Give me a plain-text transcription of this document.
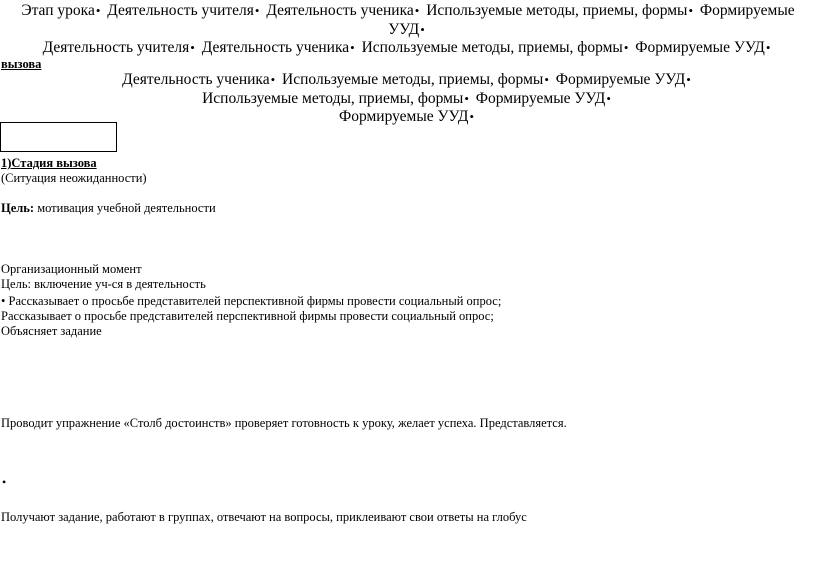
Этап урока• Деятельность учителя• Деятельность ученика• Используемые методы, приемы, формы• Формируемые УУД•
Деятельность учителя• Деятельность ученика• Используемые методы, приемы, формы• Формируемые УУД•
вызова
Деятельность ученика• Используемые методы, приемы, формы• Формируемые УУД•
Используемые методы, приемы, формы• Формируемые УУД•
Формируемые УУД•
1)Стадия вызова
(Ситуация неожиданности)
Цель: мотивация учебной деятельности
Организационный момент
Цель: включение уч-ся в деятельность
• Рассказывает о просьбе представителей перспективной фирмы провести социальный опрос;
Рассказывает о просьбе представителей перспективной фирмы провести социальный опрос;
Объясняет задание
Проводит упражнение «Столб достоинств» проверяет готовность к уроку, желает успеха. Представляется.
•
Получают задание, работают в группах, отвечают на вопросы, приклеивают свои ответы на глобус
